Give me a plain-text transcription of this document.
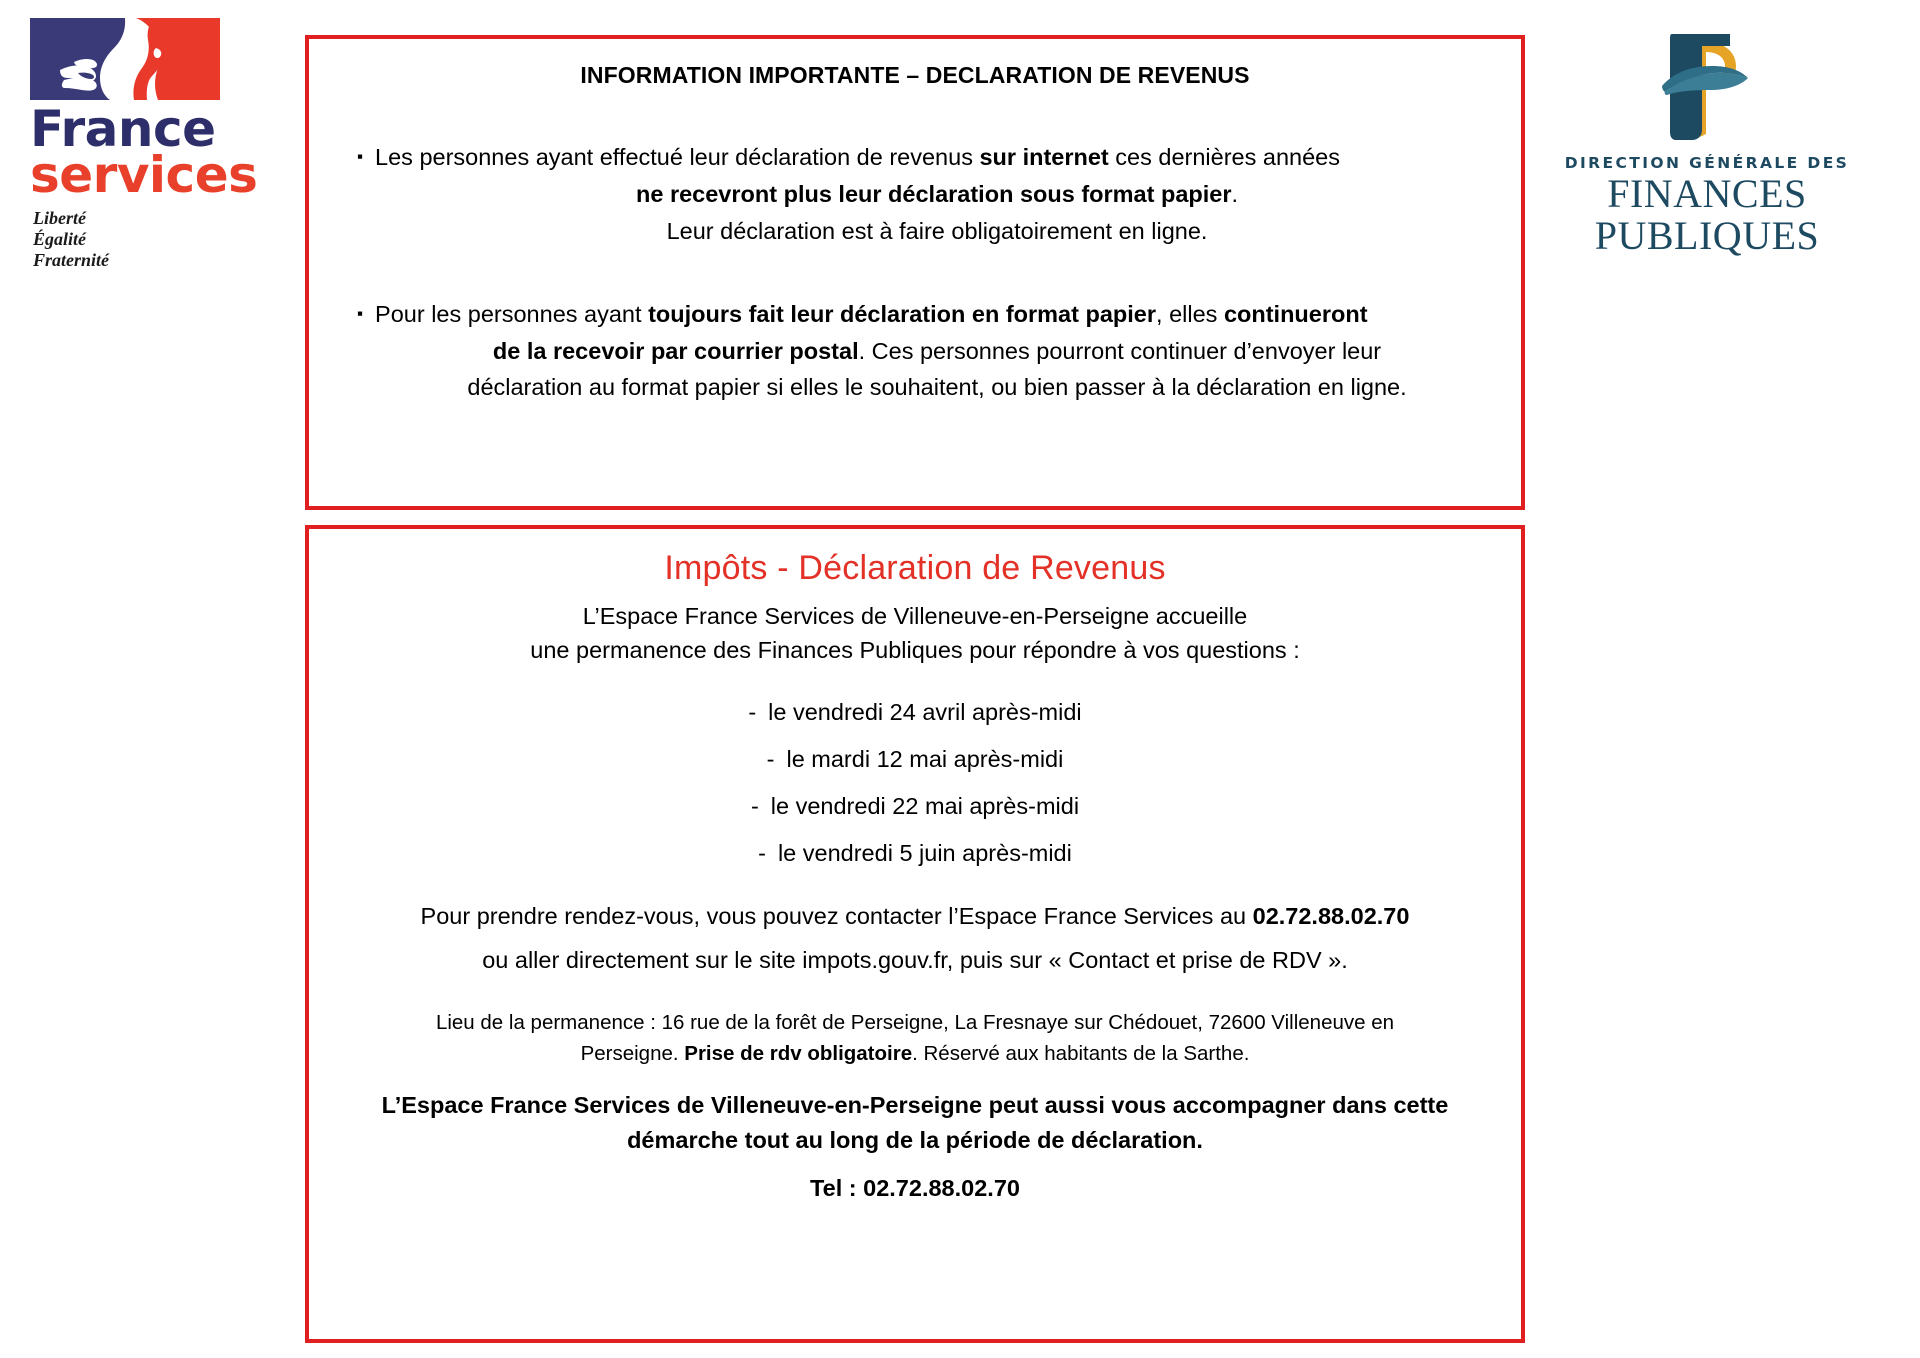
France
services
Liberté
Égalité
Fraternité
DIRECTION GÉNÉRALE DES
FINANCES PUBLIQUES
INFORMATION IMPORTANTE – DECLARATION DE REVENUS
▪ Les personnes ayant effectué leur déclaration de revenus sur internet ces dernières années
ne recevront plus leur déclaration sous format papier.
Leur déclaration est à faire obligatoirement en ligne.
▪ Pour les personnes ayant toujours fait leur déclaration en format papier, elles continueront
de la recevoir par courrier postal. Ces personnes pourront continuer d’envoyer leur
déclaration au format papier si elles le souhaitent, ou bien passer à la déclaration en ligne.
Impôts - Déclaration de Revenus
L’Espace France Services de Villeneuve-en-Perseigne accueille
une permanence des Finances Publiques pour répondre à vos questions :
- le vendredi 24 avril après-midi
- le mardi 12 mai après-midi
- le vendredi 22 mai après-midi
- le vendredi 5 juin après-midi
Pour prendre rendez-vous, vous pouvez contacter l’Espace France Services au 02.72.88.02.70
ou aller directement sur le site impots.gouv.fr, puis sur « Contact et prise de RDV ».
Lieu de la permanence : 16 rue de la forêt de Perseigne, La Fresnaye sur Chédouet, 72600 Villeneuve en
Perseigne. Prise de rdv obligatoire. Réservé aux habitants de la Sarthe.
L’Espace France Services de Villeneuve-en-Perseigne peut aussi vous accompagner dans cette
démarche tout au long de la période de déclaration.
Tel : 02.72.88.02.70
